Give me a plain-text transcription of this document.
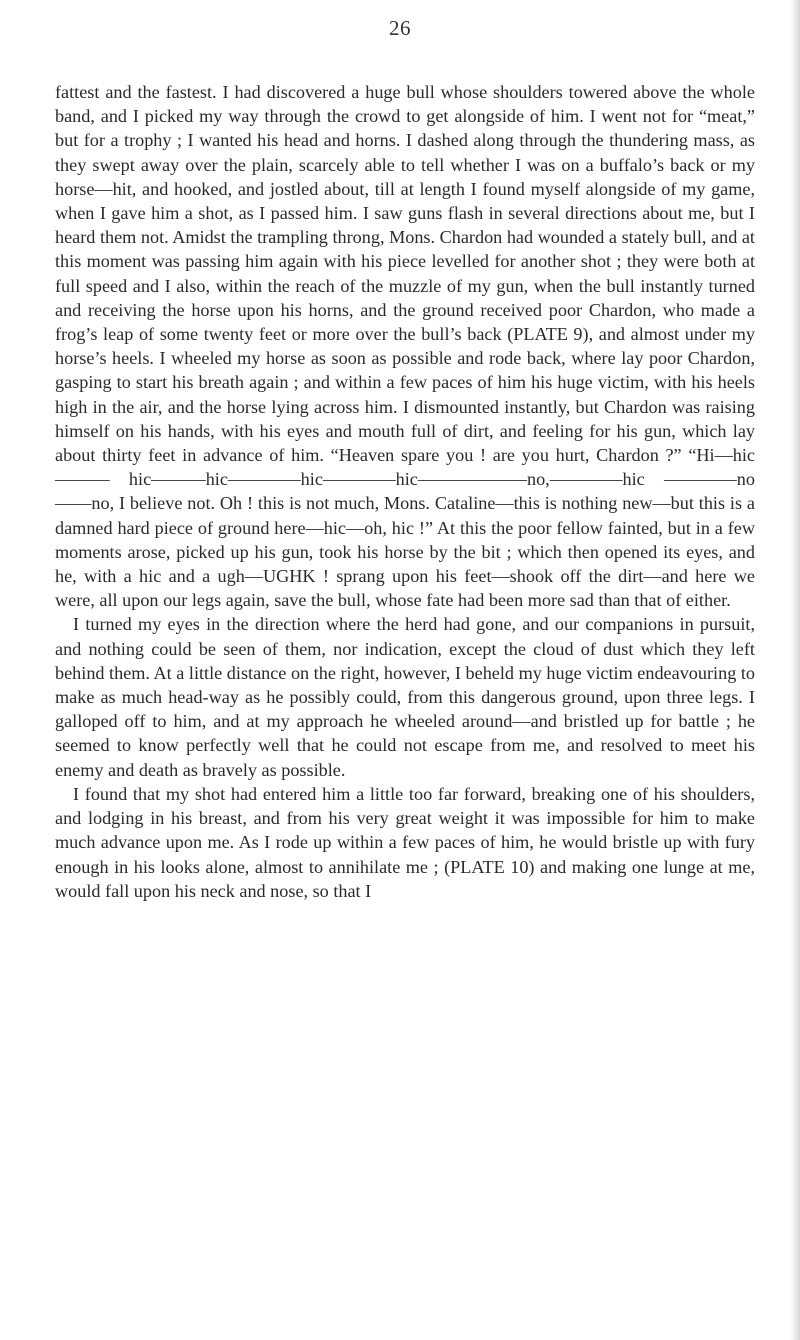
26

fattest and the fastest. I had discovered a huge bull whose shoulders towered above the whole band, and I picked my way through the crowd to get alongside of him. I went not for “meat,” but for a trophy ; I wanted his head and horns. I dashed along through the thundering mass, as they swept away over the plain, scarcely able to tell whether I was on a buffalo’s back or my horse—hit, and hooked, and jostled about, till at length I found myself alongside of my game, when I gave him a shot, as I passed him. I saw guns flash in several directions about me, but I heard them not. Amidst the trampling throng, Mons. Chardon had wounded a stately bull, and at this moment was passing him again with his piece levelled for another shot ; they were both at full speed and I also, within the reach of the muzzle of my gun, when the bull instantly turned and receiving the horse upon his horns, and the ground received poor Chardon, who made a frog’s leap of some twenty feet or more over the bull’s back (PLATE 9), and almost under my horse’s heels. I wheeled my horse as soon as possible and rode back, where lay poor Chardon, gasping to start his breath again ; and within a few paces of him his huge victim, with his heels high in the air, and the horse lying across him. I dismounted instantly, but Chardon was raising himself on his hands, with his eyes and mouth full of dirt, and feeling for his gun, which lay about thirty feet in advance of him. “Heaven spare you ! are you hurt, Chardon ?” “Hi—hic——— hic———hic————hic————hic——————no,————hic ————no——no, I believe not. Oh ! this is not much, Mons. Cataline—this is nothing new—but this is a damned hard piece of ground here—hic—oh, hic !” At this the poor fellow fainted, but in a few moments arose, picked up his gun, took his horse by the bit ; which then opened its eyes, and he, with a hic and a ugh—UGHK ! sprang upon his feet—shook off the dirt—and here we were, all upon our legs again, save the bull, whose fate had been more sad than that of either.

I turned my eyes in the direction where the herd had gone, and our companions in pursuit, and nothing could be seen of them, nor indication, except the cloud of dust which they left behind them. At a little distance on the right, however, I beheld my huge victim endeavouring to make as much head-way as he possibly could, from this dangerous ground, upon three legs. I galloped off to him, and at my approach he wheeled around—and bristled up for battle ; he seemed to know perfectly well that he could not escape from me, and resolved to meet his enemy and death as bravely as possible.

I found that my shot had entered him a little too far forward, breaking one of his shoulders, and lodging in his breast, and from his very great weight it was impossible for him to make much advance upon me. As I rode up within a few paces of him, he would bristle up with fury enough in his looks alone, almost to annihilate me ; (PLATE 10) and making one lunge at me, would fall upon his neck and nose, so that I
